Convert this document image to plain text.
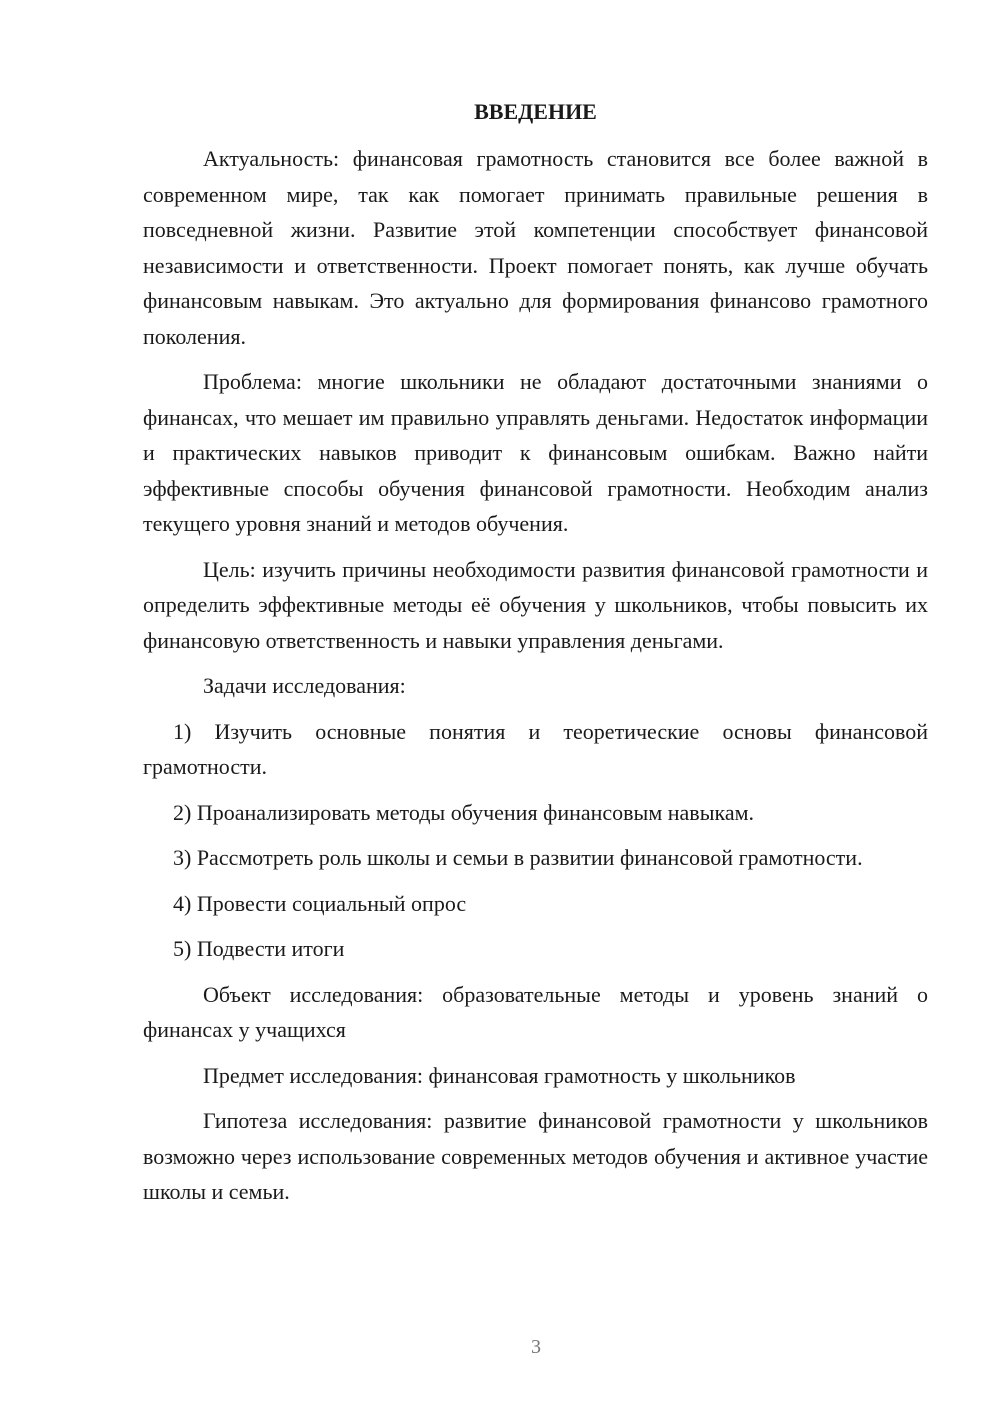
ВВЕДЕНИЕ

Актуальность: финансовая грамотность становится все более важной в современном мире, так как помогает принимать правильные решения в повседневной жизни. Развитие этой компетенции способствует финансовой независимости и ответственности. Проект помогает понять, как лучше обучать финансовым навыкам. Это актуально для формирования финансово грамотного поколения.

Проблема: многие школьники не обладают достаточными знаниями о финансах, что мешает им правильно управлять деньгами. Недостаток информации и практических навыков приводит к финансовым ошибкам. Важно найти эффективные способы обучения финансовой грамотности. Необходим анализ текущего уровня знаний и методов обучения.

Цель: изучить причины необходимости развития финансовой грамотности и определить эффективные методы её обучения у школьников, чтобы повысить их финансовую ответственность и навыки управления деньгами.

Задачи исследования:

1) Изучить основные понятия и теоретические основы финансовой грамотности.

2) Проанализировать методы обучения финансовым навыкам.

3) Рассмотреть роль школы и семьи в развитии финансовой грамотности.

4) Провести социальный опрос

5) Подвести итоги

Объект исследования: образовательные методы и уровень знаний о финансах у учащихся

Предмет исследования: финансовая грамотность у школьников

Гипотеза исследования: развитие финансовой грамотности у школьников возможно через использование современных методов обучения и активное участие школы и семьи.

3
